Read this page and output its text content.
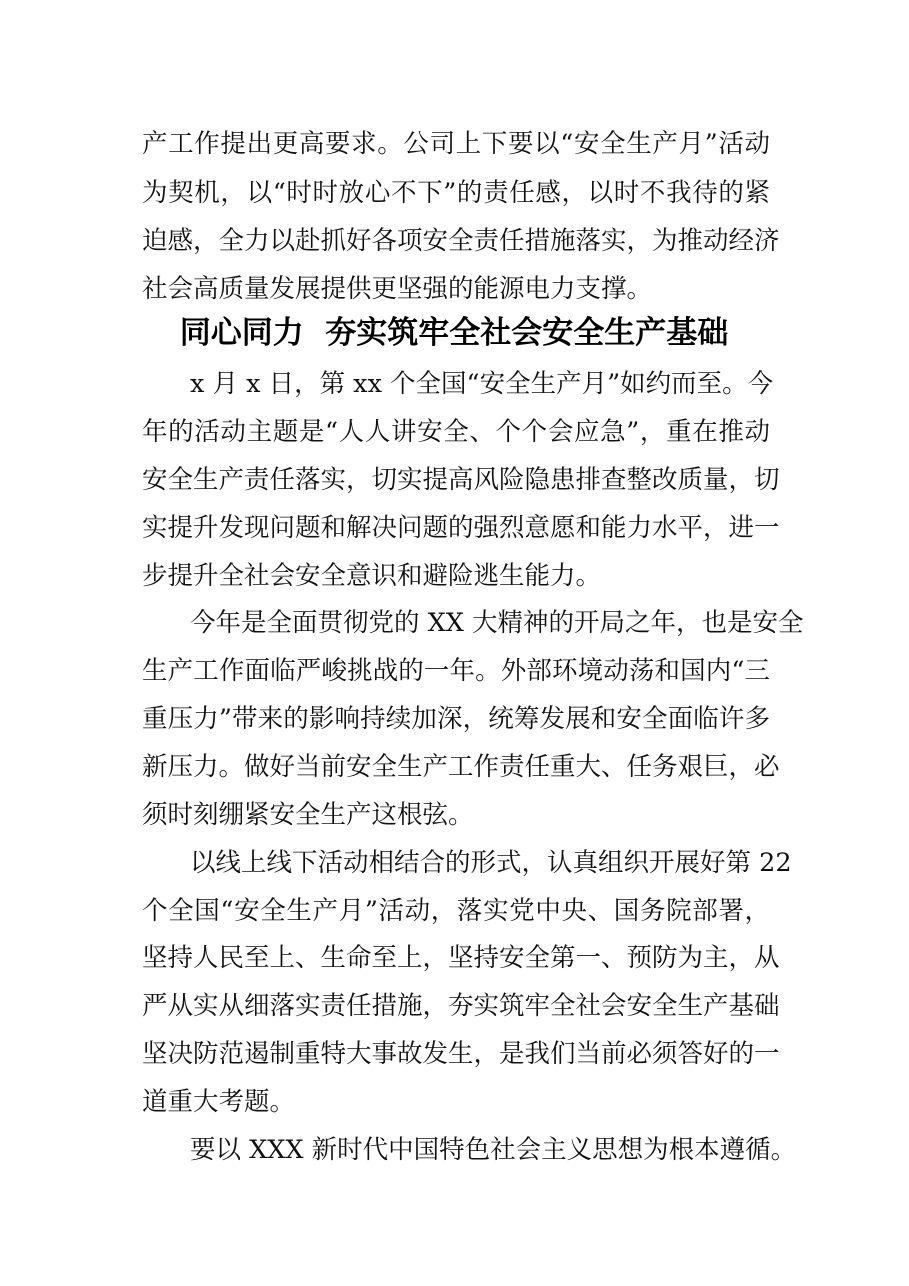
产工作提出更高要求。公司上下要以“安全生产月”活动
为契机，以“时时放心不下”的责任感，以时不我待的紧
迫感，全力以赴抓好各项安全责任措施落实，为推动经济
社会高质量发展提供更坚强的能源电力支撑。
同心同力  夯实筑牢全社会安全生产基础
x 月 x 日，第 xx 个全国“安全生产月”如约而至。今
年的活动主题是“人人讲安全、个个会应急”，重在推动
安全生产责任落实，切实提高风险隐患排查整改质量，切
实提升发现问题和解决问题的强烈意愿和能力水平，进一
步提升全社会安全意识和避险逃生能力。
今年是全面贯彻党的 XX 大精神的开局之年，也是安全
生产工作面临严峻挑战的一年。外部环境动荡和国内“三
重压力”带来的影响持续加深，统筹发展和安全面临许多
新压力。做好当前安全生产工作责任重大、任务艰巨，必
须时刻绷紧安全生产这根弦。
以线上线下活动相结合的形式，认真组织开展好第 22
个全国“安全生产月”活动，落实党中央、国务院部署，
坚持人民至上、生命至上，坚持安全第一、预防为主，从
严从实从细落实责任措施，夯实筑牢全社会安全生产基础
坚决防范遏制重特大事故发生，是我们当前必须答好的一
道重大考题。
要以 XXX 新时代中国特色社会主义思想为根本遵循。
